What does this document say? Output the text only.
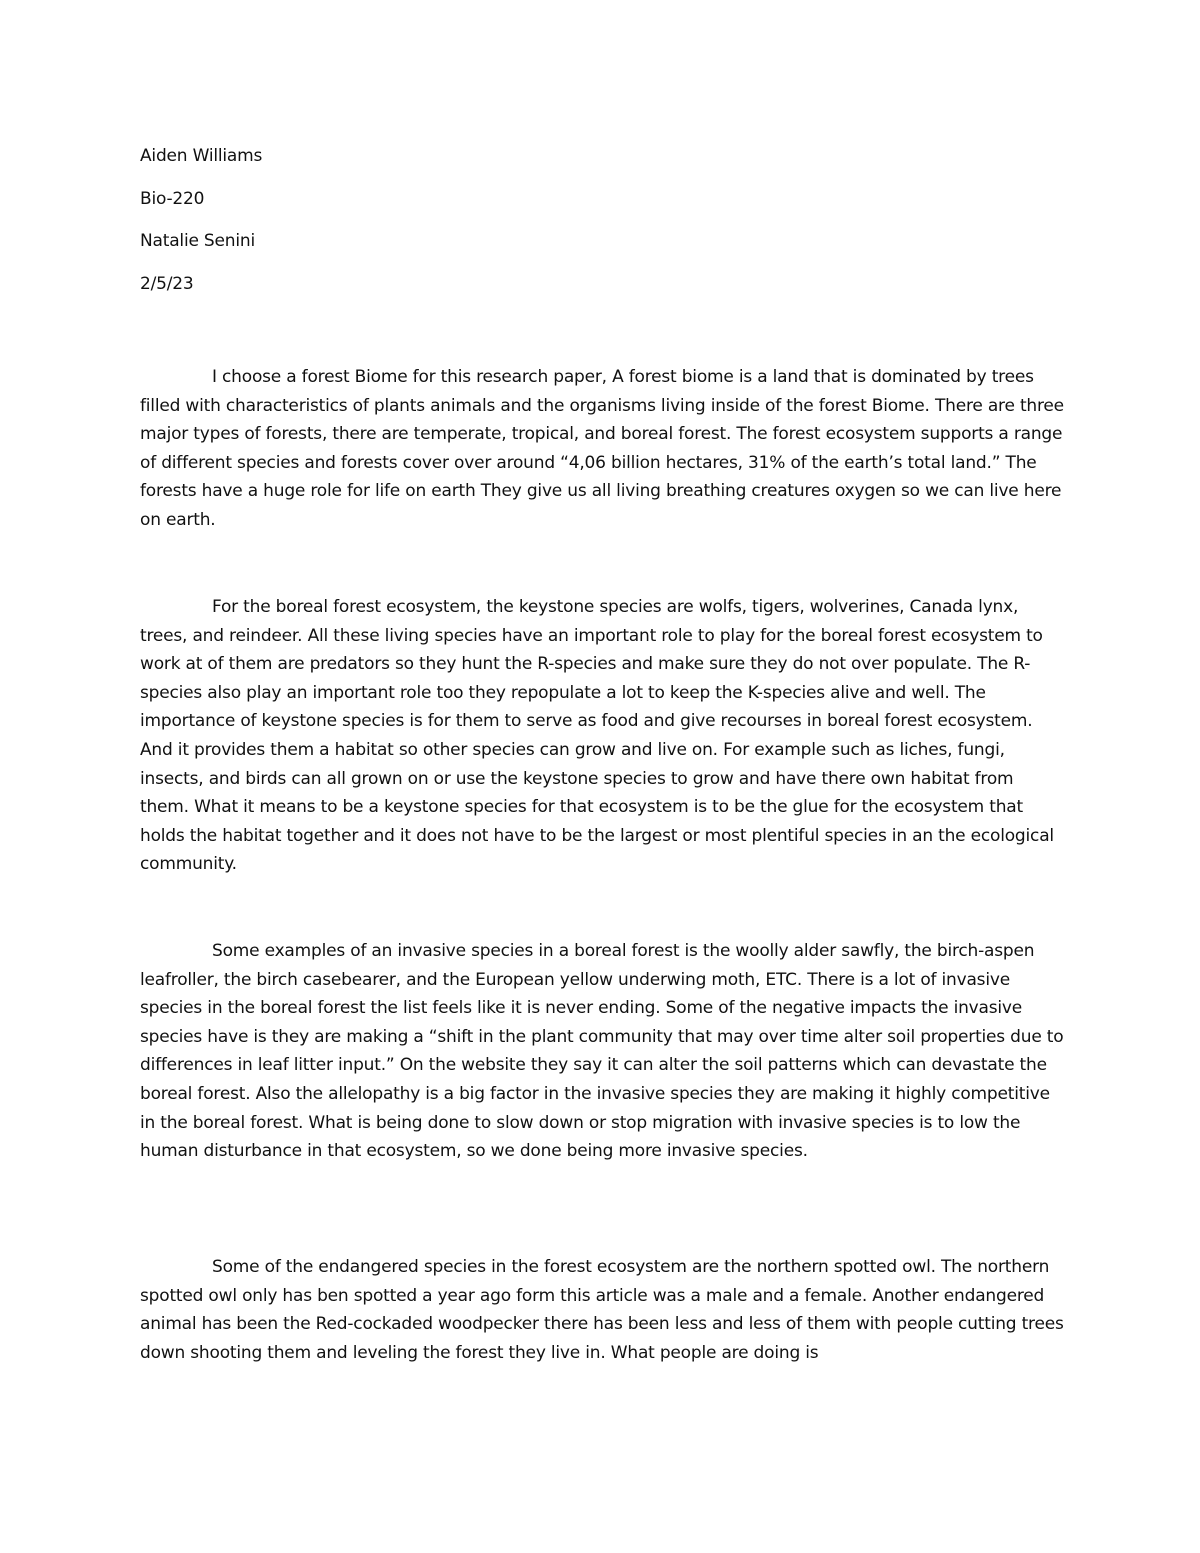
Aiden Williams
Bio-220
Natalie Senini
2/5/23

I choose a forest Biome for this research paper, A forest biome is a land that is dominated by trees filled with characteristics of plants animals and the organisms living inside of the forest Biome. There are three major types of forests, there are temperate, tropical, and boreal forest. The forest ecosystem supports a range of different species and forests cover over around “4,06 billion hectares, 31% of the earth’s total land.” The forests have a huge role for life on earth They give us all living breathing creatures oxygen so we can live here on earth.

For the boreal forest ecosystem, the keystone species are wolfs, tigers, wolverines, Canada lynx, trees, and reindeer. All these living species have an important role to play for the boreal forest ecosystem to work at of them are predators so they hunt the R-species and make sure they do not over populate. The R-species also play an important role too they repopulate a lot to keep the K-species alive and well. The importance of keystone species is for them to serve as food and give recourses in boreal forest ecosystem. And it provides them a habitat so other species can grow and live on. For example such as liches, fungi, insects, and birds can all grown on or use the keystone species to grow and have there own habitat from them. What it means to be a keystone species for that ecosystem is to be the glue for the ecosystem that holds the habitat together and it does not have to be the largest or most plentiful species in an the ecological community.

Some examples of an invasive species in a boreal forest is the woolly alder sawfly, the birch-aspen leafroller, the birch casebearer, and the European yellow underwing moth, ETC. There is a lot of invasive species in the boreal forest the list feels like it is never ending. Some of the negative impacts the invasive species have is they are making a “shift in the plant community that may over time alter soil properties due to differences in leaf litter input.” On the website they say it can alter the soil patterns which can devastate the boreal forest. Also the allelopathy is a big factor in the invasive species they are making it highly competitive in the boreal forest. What is being done to slow down or stop migration with invasive species is to low the human disturbance in that ecosystem, so we done being more invasive species.

Some of the endangered species in the forest ecosystem are the northern spotted owl. The northern spotted owl only has ben spotted a year ago form this article was a male and a female. Another endangered animal has been the Red-cockaded woodpecker there has been less and less of them with people cutting trees down shooting them and leveling the forest they live in. What people are doing is
